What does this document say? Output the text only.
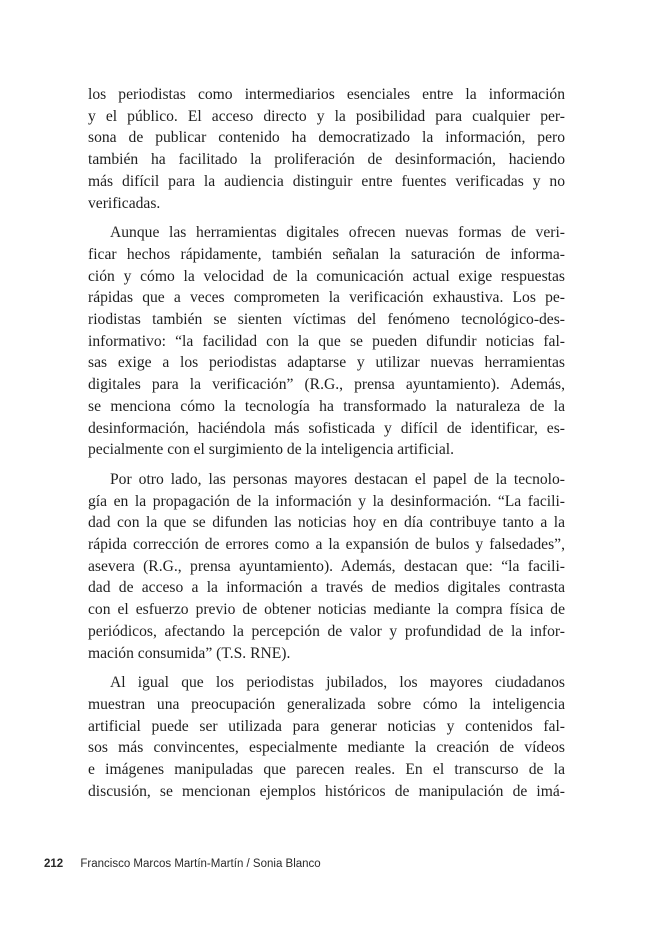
los periodistas como intermediarios esenciales entre la información
y el público. El acceso directo y la posibilidad para cualquier per-
sona de publicar contenido ha democratizado la información, pero
también ha facilitado la proliferación de desinformación, haciendo
más difícil para la audiencia distinguir entre fuentes verificadas y no
verificadas.

Aunque las herramientas digitales ofrecen nuevas formas de veri-
ficar hechos rápidamente, también señalan la saturación de informa-
ción y cómo la velocidad de la comunicación actual exige respuestas
rápidas que a veces comprometen la verificación exhaustiva. Los pe-
riodistas también se sienten víctimas del fenómeno tecnológico-des-
informativo: “la facilidad con la que se pueden difundir noticias fal-
sas exige a los periodistas adaptarse y utilizar nuevas herramientas
digitales para la verificación” (R.G., prensa ayuntamiento). Además,
se menciona cómo la tecnología ha transformado la naturaleza de la
desinformación, haciéndola más sofisticada y difícil de identificar, es-
pecialmente con el surgimiento de la inteligencia artificial.

Por otro lado, las personas mayores destacan el papel de la tecnolo-
gía en la propagación de la información y la desinformación. “La facili-
dad con la que se difunden las noticias hoy en día contribuye tanto a la
rápida corrección de errores como a la expansión de bulos y falsedades”,
asevera (R.G., prensa ayuntamiento). Además, destacan que: “la facili-
dad de acceso a la información a través de medios digitales contrasta
con el esfuerzo previo de obtener noticias mediante la compra física de
periódicos, afectando la percepción de valor y profundidad de la infor-
mación consumida” (T.S. RNE).

Al igual que los periodistas jubilados, los mayores ciudadanos
muestran una preocupación generalizada sobre cómo la inteligencia
artificial puede ser utilizada para generar noticias y contenidos fal-
sos más convincentes, especialmente mediante la creación de vídeos
e imágenes manipuladas que parecen reales. En el transcurso de la
discusión, se mencionan ejemplos históricos de manipulación de imá-

212 Francisco Marcos Martín-Martín / Sonia Blanco
